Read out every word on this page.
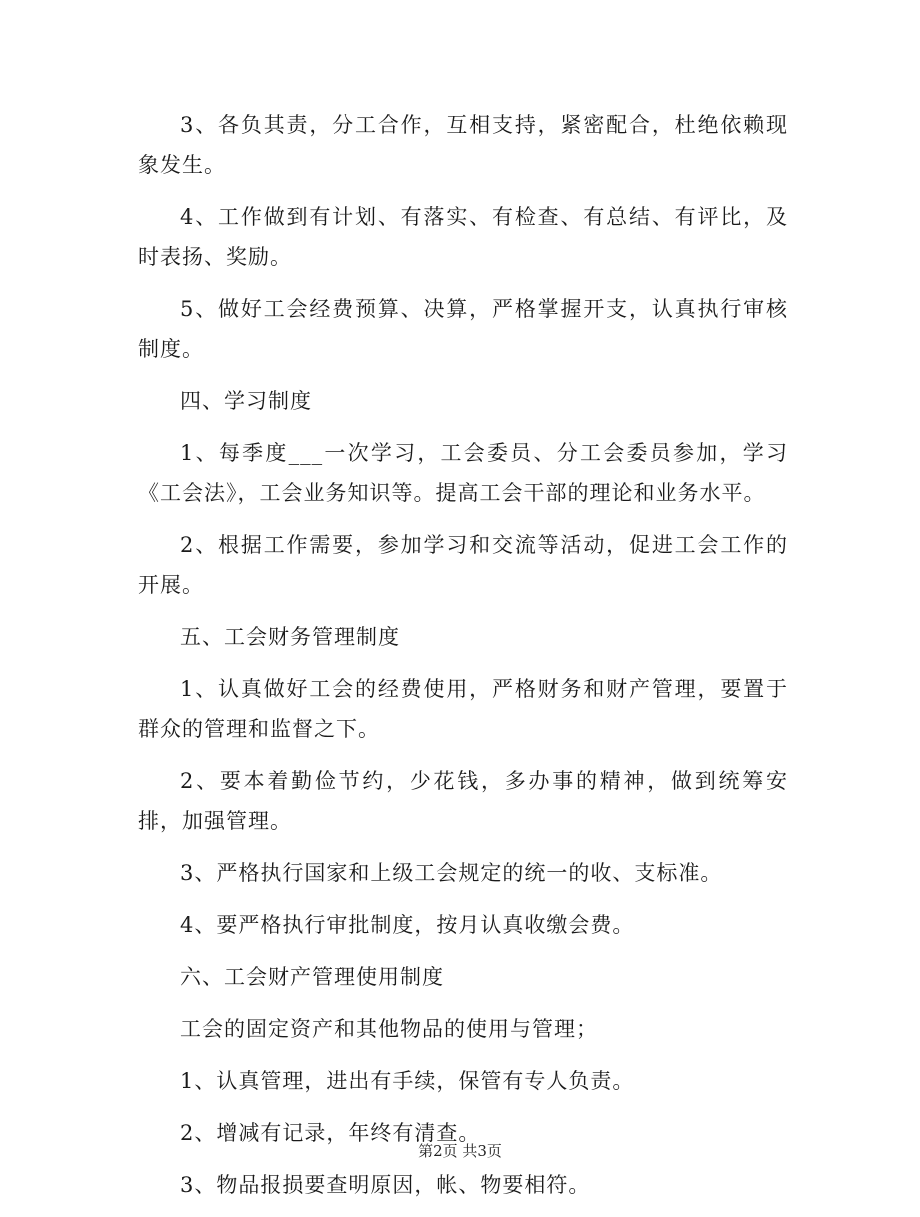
3、各负其责，分工合作，互相支持，紧密配合，杜绝依赖现象发生。

4、工作做到有计划、有落实、有检查、有总结、有评比，及时表扬、奖励。

5、做好工会经费预算、决算，严格掌握开支，认真执行审核制度。

四、学习制度

1、每季度___一次学习，工会委员、分工会委员参加，学习《工会法》，工会业务知识等。提高工会干部的理论和业务水平。

2、根据工作需要，参加学习和交流等活动，促进工会工作的开展。

五、工会财务管理制度

1、认真做好工会的经费使用，严格财务和财产管理，要置于群众的管理和监督之下。

2、要本着勤俭节约，少花钱，多办事的精神，做到统筹安排，加强管理。

3、严格执行国家和上级工会规定的统一的收、支标准。

4、要严格执行审批制度，按月认真收缴会费。

六、工会财产管理使用制度

工会的固定资产和其他物品的使用与管理；

1、认真管理，进出有手续，保管有专人负责。

2、增减有记录，年终有清查。

3、物品报损要查明原因，帐、物要相符。

第2页 共3页
